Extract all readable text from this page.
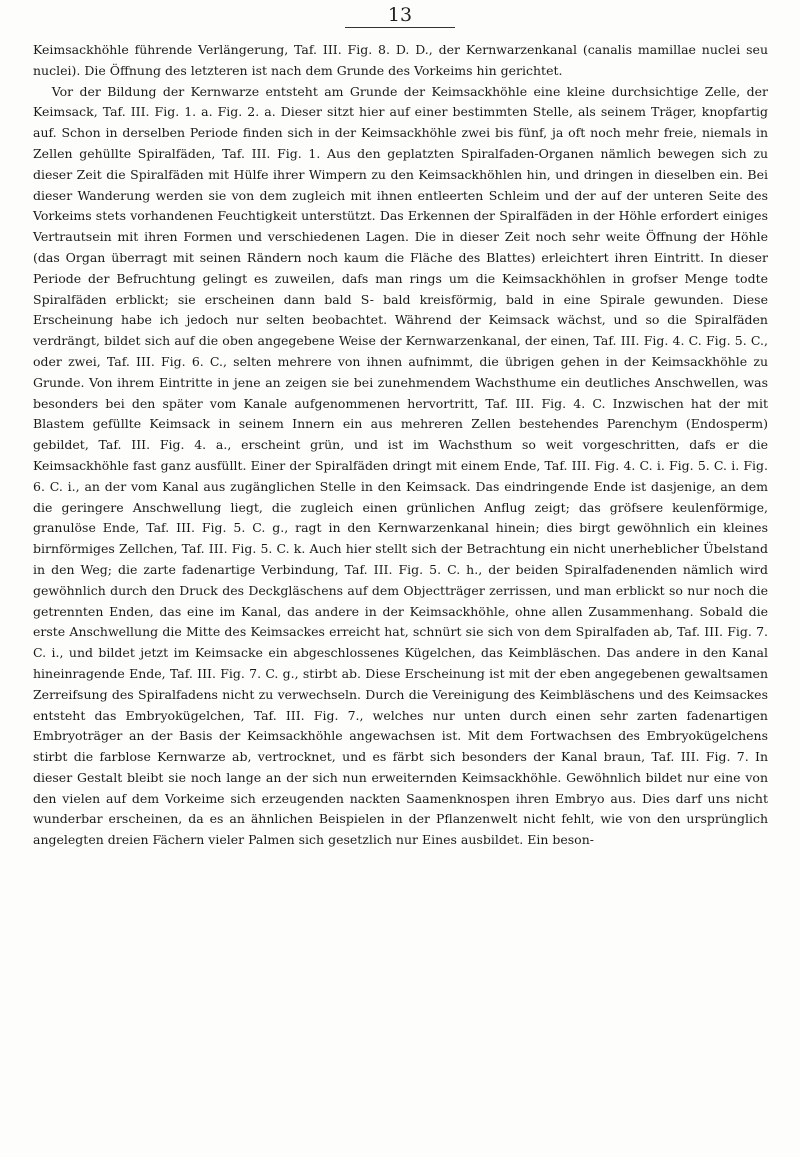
13

Keimsackhöhle führende Verlängerung, Taf. III. Fig. 8. D. D., der Kernwarzenkanal (canalis mamillae nuclei seu nuclei). Die Öffnung des letzteren ist nach dem Grunde des Vorkeims hin gerichtet.

Vor der Bildung der Kernwarze entsteht am Grunde der Keimsackhöhle eine kleine durchsichtige Zelle, der Keimsack, Taf. III. Fig. 1. a. Fig. 2. a. Dieser sitzt hier auf einer bestimmten Stelle, als seinem Träger, knopfartig auf. Schon in derselben Periode finden sich in der Keimsackhöhle zwei bis fünf, ja oft noch mehr freie, niemals in Zellen gehüllte Spiralfäden, Taf. III. Fig. 1. Aus den geplatzten Spiralfaden-Organen nämlich bewegen sich zu dieser Zeit die Spiralfäden mit Hülfe ihrer Wimpern zu den Keimsackhöhlen hin, und dringen in dieselben ein. Bei dieser Wanderung werden sie von dem zugleich mit ihnen entleerten Schleim und der auf der unteren Seite des Vorkeims stets vorhandenen Feuchtigkeit unterstützt. Das Erkennen der Spiralfäden in der Höhle erfordert einiges Vertrautsein mit ihren Formen und verschiedenen Lagen. Die in dieser Zeit noch sehr weite Öffnung der Höhle (das Organ überragt mit seinen Rändern noch kaum die Fläche des Blattes) erleichtert ihren Eintritt. In dieser Periode der Befruchtung gelingt es zuweilen, dafs man rings um die Keimsackhöhlen in grofser Menge todte Spiralfäden erblickt; sie erscheinen dann bald S- bald kreisförmig, bald in eine Spirale gewunden. Diese Erscheinung habe ich jedoch nur selten beobachtet. Während der Keimsack wächst, und so die Spiralfäden verdrängt, bildet sich auf die oben angegebene Weise der Kernwarzenkanal, der einen, Taf. III. Fig. 4. C. Fig. 5. C., oder zwei, Taf. III. Fig. 6. C., selten mehrere von ihnen aufnimmt, die übrigen gehen in der Keimsackhöhle zu Grunde. Von ihrem Eintritte in jene an zeigen sie bei zunehmendem Wachsthume ein deutliches Anschwellen, was besonders bei den später vom Kanale aufgenommenen hervortritt, Taf. III. Fig. 4. C. Inzwischen hat der mit Blastem gefüllte Keimsack in seinem Innern ein aus mehreren Zellen bestehendes Parenchym (Endosperm) gebildet, Taf. III. Fig. 4. a., erscheint grün, und ist im Wachsthum so weit vorgeschritten, dafs er die Keimsackhöhle fast ganz ausfüllt. Einer der Spiralfäden dringt mit einem Ende, Taf. III. Fig. 4. C. i. Fig. 5. C. i. Fig. 6. C. i., an der vom Kanal aus zugänglichen Stelle in den Keimsack. Das eindringende Ende ist dasjenige, an dem die geringere Anschwellung liegt, die zugleich einen grünlichen Anflug zeigt; das gröfsere keulenförmige, granulöse Ende, Taf. III. Fig. 5. C. g., ragt in den Kernwarzenkanal hinein; dies birgt gewöhnlich ein kleines birnförmiges Zellchen, Taf. III. Fig. 5. C. k. Auch hier stellt sich der Betrachtung ein nicht unerheblicher Übelstand in den Weg; die zarte fadenartige Verbindung, Taf. III. Fig. 5. C. h., der beiden Spiralfadenenden nämlich wird gewöhnlich durch den Druck des Deckgläschens auf dem Objectträger zerrissen, und man erblickt so nur noch die getrennten Enden, das eine im Kanal, das andere in der Keimsackhöhle, ohne allen Zusammenhang. Sobald die erste Anschwellung die Mitte des Keimsackes erreicht hat, schnürt sie sich von dem Spiralfaden ab, Taf. III. Fig. 7. C. i., und bildet jetzt im Keimsacke ein abgeschlossenes Kügelchen, das Keimbläschen. Das andere in den Kanal hineinragende Ende, Taf. III. Fig. 7. C. g., stirbt ab. Diese Erscheinung ist mit der eben angegebenen gewaltsamen Zerreifsung des Spiralfadens nicht zu verwechseln. Durch die Vereinigung des Keimbläschens und des Keimsackes entsteht das Embryokügelchen, Taf. III. Fig. 7., welches nur unten durch einen sehr zarten fadenartigen Embryoträger an der Basis der Keimsackhöhle angewachsen ist. Mit dem Fortwachsen des Embryokügelchens stirbt die farblose Kernwarze ab, vertrocknet, und es färbt sich besonders der Kanal braun, Taf. III. Fig. 7. In dieser Gestalt bleibt sie noch lange an der sich nun erweiternden Keimsackhöhle. Gewöhnlich bildet nur eine von den vielen auf dem Vorkeime sich erzeugenden nackten Saamenknospen ihren Embryo aus. Dies darf uns nicht wunderbar erscheinen, da es an ähnlichen Beispielen in der Pflanzenwelt nicht fehlt, wie von den ursprünglich angelegten dreien Fächern vieler Palmen sich gesetzlich nur Eines ausbildet. Ein beson-
